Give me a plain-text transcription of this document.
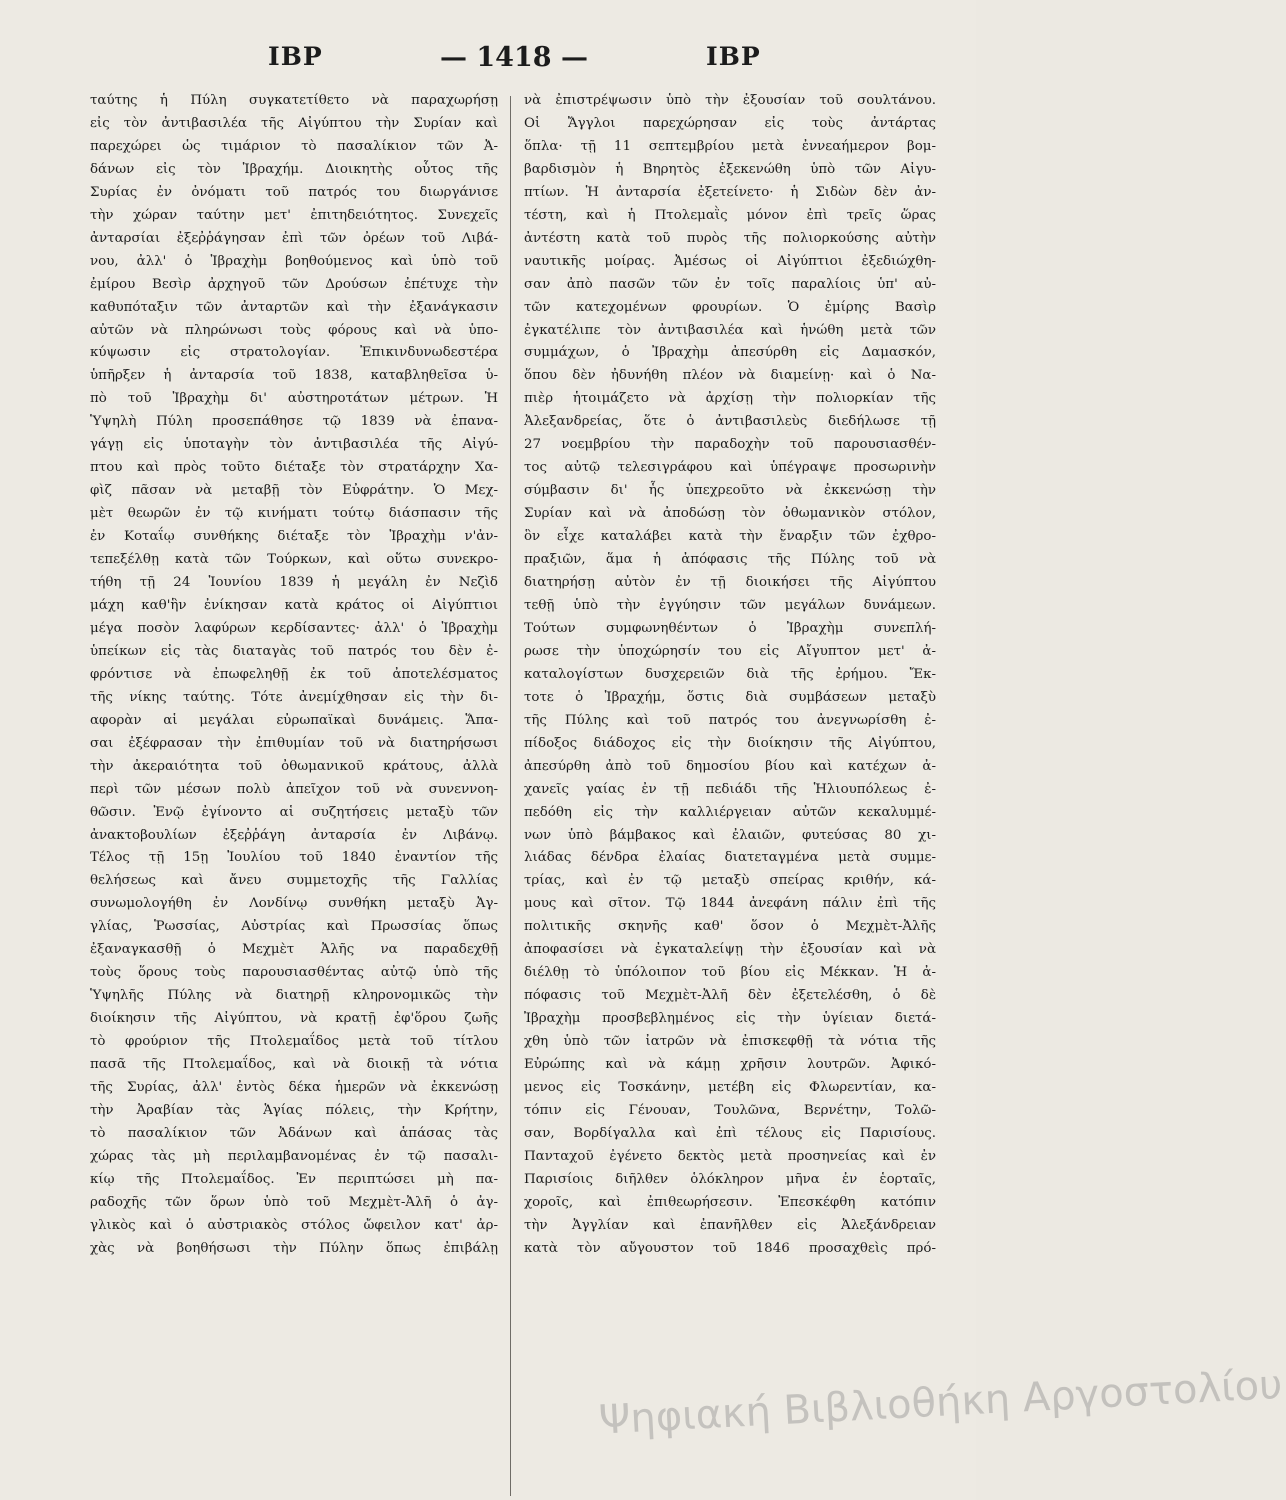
ΙΒΡ	— 1418 —	ΙΒΡ
ταύτης ἡ Πύλη συγκατετίθετο νὰ παραχωρήσῃ
εἰς τὸν ἀντιβασιλέα τῆς Αἰγύπτου τὴν Συρίαν καὶ
παρεχώρει ὡς τιμάριον τὸ πασαλίκιον τῶν Ἀ-
δάνων εἰς τὸν Ἰβραχήμ. Διοικητὴς οὗτος τῆς
Συρίας ἐν ὀνόματι τοῦ πατρός του διωργάνισε
τὴν χώραν ταύτην μετ' ἐπιτηδειότητος. Συνεχεῖς
ἀνταρσίαι ἐξεῤῥάγησαν ἐπὶ τῶν ὀρέων τοῦ Λιβά-
νου, ἀλλ' ὁ Ἰβραχὴμ βοηθούμενος καὶ ὑπὸ τοῦ
ἐμίρου Βεσὶρ ἀρχηγοῦ τῶν Δρούσων ἐπέτυχε τὴν
καθυπόταξιν τῶν ἀνταρτῶν καὶ τὴν ἐξανάγκασιν
αὐτῶν νὰ πληρώνωσι τοὺς φόρους καὶ νὰ ὑπο-
κύψωσιν εἰς στρατολογίαν. Ἐπικινδυνωδεστέρα
ὑπῆρξεν ἡ ἀνταρσία τοῦ 1838, καταβληθεῖσα ὑ-
πὸ τοῦ Ἰβραχὴμ δι' αὐστηροτάτων μέτρων. Ἡ
Ὑψηλὴ Πύλη προσεπάθησε τῷ 1839 νὰ ἐπανα-
γάγῃ εἰς ὑποταγὴν τὸν ἀντιβασιλέα τῆς Αἰγύ-
πτου καὶ πρὸς τοῦτο διέταξε τὸν στρατάρχην Χα-
φὶζ πᾶσαν νὰ μεταβῇ τὸν Εὐφράτην. Ὁ Μεχ-
μὲτ θεωρῶν ἐν τῷ κινήματι τούτῳ διάσπασιν τῆς
ἐν Κοταΐῳ συνθήκης διέταξε τὸν Ἰβραχὴμ ν'ἀν-
τεπεξέλθῃ κατὰ τῶν Τούρκων, καὶ οὕτω συνεκρο-
τήθη τῇ 24 Ἰουνίου 1839 ἡ μεγάλη ἐν Νεζὶδ
μάχη καθ'ἣν ἐνίκησαν κατὰ κράτος οἱ Αἰγύπτιοι
μέγα ποσὸν λαφύρων κερδίσαντες· ἀλλ' ὁ Ἰβραχὴμ
ὑπείκων εἰς τὰς διαταγὰς τοῦ πατρός του δὲν ἐ-
φρόντισε νὰ ἐπωφεληθῇ ἐκ τοῦ ἀποτελέσματος
τῆς νίκης ταύτης. Τότε ἀνεμίχθησαν εἰς τὴν δι-
αφορὰν αἱ μεγάλαι εὐρωπαϊκαὶ δυνάμεις. Ἅπα-
σαι ἐξέφρασαν τὴν ἐπιθυμίαν τοῦ νὰ διατηρήσωσι
τὴν ἀκεραιότητα τοῦ ὀθωμανικοῦ κράτους, ἀλλὰ
περὶ τῶν μέσων πολὺ ἀπεῖχον τοῦ νὰ συνεννοη-
θῶσιν. Ἐνῷ ἐγίνοντο αἱ συζητήσεις μεταξὺ τῶν
ἀνακτοβουλίων ἐξεῤῥάγη ἀνταρσία ἐν Λιβάνῳ.
Τέλος τῇ 15ῃ Ἰουλίου τοῦ 1840 ἐναντίον τῆς
θελήσεως καὶ ἄνευ συμμετοχῆς τῆς Γαλλίας
συνωμολογήθη ἐν Λονδίνῳ συνθήκη μεταξὺ Ἀγ-
γλίας, Ῥωσσίας, Αὐστρίας καὶ Πρωσσίας ὅπως
ἐξαναγκασθῇ ὁ Μεχμὲτ Ἀλῆς να παραδεχθῇ
τοὺς ὅρους τοὺς παρουσιασθέντας αὐτῷ ὑπὸ τῆς
Ὑψηλῆς Πύλης νὰ διατηρῇ κληρονομικῶς τὴν
διοίκησιν τῆς Αἰγύπτου, νὰ κρατῇ ἐφ'ὅρου ζωῆς
τὸ φρούριον τῆς Πτολεμαΐδος μετὰ τοῦ τίτλου
πασᾶ τῆς Πτολεμαΐδος, καὶ νὰ διοικῇ τὰ νότια
τῆς Συρίας, ἀλλ' ἐντὸς δέκα ἡμερῶν νὰ ἐκκενώσῃ
τὴν Ἀραβίαν τὰς Ἁγίας πόλεις, τὴν Κρήτην,
τὸ πασαλίκιον τῶν Ἀδάνων καὶ ἁπάσας τὰς
χώρας τὰς μὴ περιλαμβανομένας ἐν τῷ πασαλι-
κίῳ τῆς Πτολεμαΐδος. Ἐν περιπτώσει μὴ πα-
ραδοχῆς τῶν ὅρων ὑπὸ τοῦ Μεχμὲτ-Ἀλῆ ὁ ἀγ-
γλικὸς καὶ ὁ αὐστριακὸς στόλος ὤφειλον κατ' ἀρ-
χὰς νὰ βοηθήσωσι τὴν Πύλην ὅπως ἐπιβάλῃ
νὰ ἐπιστρέψωσιν ὑπὸ τὴν ἐξουσίαν τοῦ σουλτάνου.
Οἱ Ἄγγλοι παρεχώρησαν εἰς τοὺς ἀντάρτας
ὅπλα· τῇ 11 σεπτεμβρίου μετὰ ἐννεαήμερον βομ-
βαρδισμὸν ἡ Βηρητὸς ἐξεκενώθη ὑπὸ τῶν Αἰγυ-
πτίων. Ἡ ἀνταρσία ἐξετείνετο· ἡ Σιδὼν δὲν ἀν-
τέστη, καὶ ἡ Πτολεμαῒς μόνον ἐπὶ τρεῖς ὥρας
ἀντέστη κατὰ τοῦ πυρὸς τῆς πολιορκούσης αὐτὴν
ναυτικῆς μοίρας. Ἀμέσως οἱ Αἰγύπτιοι ἐξεδιώχθη-
σαν ἀπὸ πασῶν τῶν ἐν τοῖς παραλίοις ὑπ' αὐ-
τῶν κατεχομένων φρουρίων. Ὁ ἐμίρης Βασὶρ
ἐγκατέλιπε τὸν ἀντιβασιλέα καὶ ἡνώθη μετὰ τῶν
συμμάχων, ὁ Ἰβραχὴμ ἀπεσύρθη εἰς Δαμασκόν,
ὅπου δὲν ἠδυνήθη πλέον νὰ διαμείνῃ· καὶ ὁ Να-
πιὲρ ἡτοιμάζετο νὰ ἀρχίσῃ τὴν πολιορκίαν τῆς
Ἀλεξανδρείας, ὅτε ὁ ἀντιβασιλεὺς διεδήλωσε τῇ
27 νοεμβρίου τὴν παραδοχὴν τοῦ παρουσιασθέν-
τος αὐτῷ τελεσιγράφου καὶ ὑπέγραψε προσωρινὴν
σύμβασιν δι' ἧς ὑπεχρεοῦτο νὰ ἐκκενώσῃ τὴν
Συρίαν καὶ νὰ ἀποδώσῃ τὸν ὀθωμανικὸν στόλον,
ὃν εἶχε καταλάβει κατὰ τὴν ἔναρξιν τῶν ἐχθρο-
πραξιῶν, ἅμα ἡ ἀπόφασις τῆς Πύλης τοῦ νὰ
διατηρήσῃ αὐτὸν ἐν τῇ διοικήσει τῆς Αἰγύπτου
τεθῇ ὑπὸ τὴν ἐγγύησιν τῶν μεγάλων δυνάμεων.
Τούτων συμφωνηθέντων ὁ Ἰβραχὴμ συνεπλή-
ρωσε τὴν ὑποχώρησίν του εἰς Αἴγυπτον μετ' ἀ-
καταλογίστων δυσχερειῶν διὰ τῆς ἐρήμου. Ἔκ-
τοτε ὁ Ἰβραχήμ, ὅστις διὰ συμβάσεων μεταξὺ
τῆς Πύλης καὶ τοῦ πατρός του ἀνεγνωρίσθη ἐ-
πίδοξος διάδοχος εἰς τὴν διοίκησιν τῆς Αἰγύπτου,
ἀπεσύρθη ἀπὸ τοῦ δημοσίου βίου καὶ κατέχων ἀ-
χανεῖς γαίας ἐν τῇ πεδιάδι τῆς Ἡλιουπόλεως ἐ-
πεδόθη εἰς τὴν καλλιέργειαν αὐτῶν κεκαλυμμέ-
νων ὑπὸ βάμβακος καὶ ἐλαιῶν, φυτεύσας 80 χι-
λιάδας δένδρα ἐλαίας διατεταγμένα μετὰ συμμε-
τρίας, καὶ ἐν τῷ μεταξὺ σπείρας κριθήν, κά-
μους καὶ σῖτον. Τῷ 1844 ἀνεφάνη πάλιν ἐπὶ τῆς
πολιτικῆς σκηνῆς καθ' ὅσον ὁ Μεχμὲτ-Ἀλῆς
ἀποφασίσει νὰ ἐγκαταλείψῃ τὴν ἐξουσίαν καὶ νὰ
διέλθῃ τὸ ὑπόλοιπον τοῦ βίου εἰς Μέκκαν. Ἡ ἀ-
πόφασις τοῦ Μεχμὲτ-Ἀλῆ δὲν ἐξετελέσθη, ὁ δὲ
Ἰβραχὴμ προσβεβλημένος εἰς τὴν ὑγίειαν διετά-
χθη ὑπὸ τῶν ἰατρῶν νὰ ἐπισκεφθῇ τὰ νότια τῆς
Εὐρώπης καὶ νὰ κάμῃ χρῆσιν λουτρῶν. Ἀφικό-
μενος εἰς Τοσκάνην, μετέβη εἰς Φλωρεντίαν, κα-
τόπιν εἰς Γένουαν, Τουλῶνα, Βερνέτην, Τολῶ-
σαν, Βορδίγαλλα καὶ ἐπὶ τέλους εἰς Παρισίους.
Πανταχοῦ ἐγένετο δεκτὸς μετὰ προσηνείας καὶ ἐν
Παρισίοις διῆλθεν ὁλόκληρον μῆνα ἐν ἑορταῖς,
χοροῖς, καὶ ἐπιθεωρήσεσιν. Ἐπεσκέφθη κατόπιν
τὴν Ἀγγλίαν καὶ ἐπανῆλθεν εἰς Ἀλεξάνδρειαν
κατὰ τὸν αὔγουστον τοῦ 1846 προσαχθεὶς πρό-
Ψηφιακή Βιβλιοθήκη Αργοστολίου
